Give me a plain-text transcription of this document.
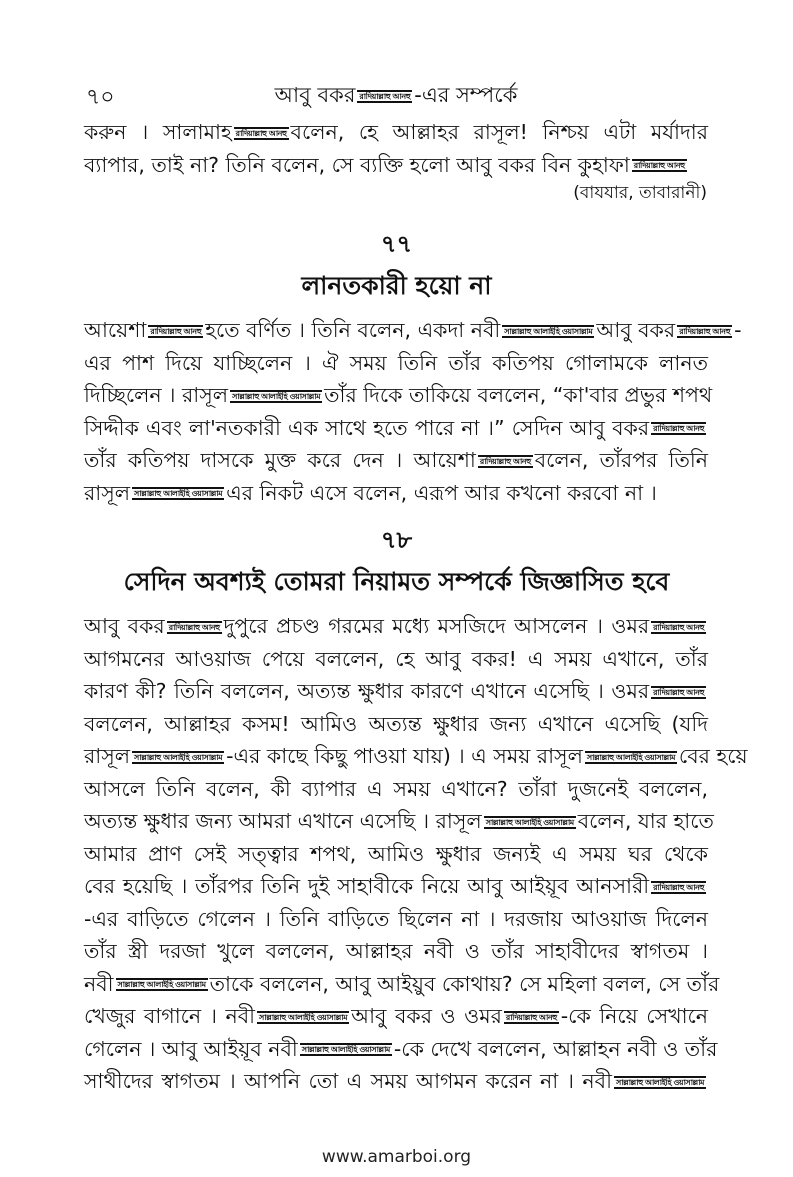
৭০	আবু বকর রাদিয়াল্লাহু আনহু -এর সম্পর্কে
করুন । সালামাহ রাদিয়াল্লাহু আনহু বলেন, হে আল্লাহর রাসূল! নিশ্চয় এটা মর্যাদার
ব্যাপার, তাই না? তিনি বলেন, সে ব্যক্তি হলো আবু বকর বিন কুহাফা রাদিয়াল্লাহু আনহু
(বাযযার, তাবারানী)
৭৭
লানতকারী হয়ো না
আয়েশা রাদিয়াল্লাহু আনহু হতে বর্ণিত । তিনি বলেন, একদা নবী সাল্লাল্লাহু আলাইহি ওয়াসাল্লাম আবু বকর রাদিয়াল্লাহু আনহু -
এর পাশ দিয়ে যাচ্ছিলেন । ঐ সময় তিনি তাঁর কতিপয় গোলামকে লানত
দিচ্ছিলেন । রাসূল সাল্লাল্লাহু আলাইহি ওয়াসাল্লাম তাঁর দিকে তাকিয়ে বললেন, “কা'বার প্রভুর শপথ
সিদ্দীক এবং লা'নতকারী এক সাথে হতে পারে না ।” সেদিন আবু বকর রাদিয়াল্লাহু আনহু
তাঁর কতিপয় দাসকে মুক্ত করে দেন । আয়েশা রাদিয়াল্লাহু আনহু বলেন, তাঁরপর তিনি
রাসূল সাল্লাল্লাহু আলাইহি ওয়াসাল্লাম এর নিকট এসে বলেন, এরূপ আর কখনো করবো না ।
৭৮
সেদিন অবশ্যই তোমরা নিয়ামত সম্পর্কে জিজ্ঞাসিত হবে
আবু বকর রাদিয়াল্লাহু আনহু দুপুরে প্রচণ্ড গরমের মধ্যে মসজিদে আসলেন । ওমর রাদিয়াল্লাহু আনহু
আগমনের আওয়াজ পেয়ে বললেন, হে আবু বকর! এ সময় এখানে, তাঁর
কারণ কী? তিনি বললেন, অত্যন্ত ক্ষুধার কারণে এখানে এসেছি । ওমর রাদিয়াল্লাহু আনহু
বললেন, আল্লাহর কসম! আমিও অত্যন্ত ক্ষুধার জন্য এখানে এসেছি (যদি
রাসূল সাল্লাল্লাহু আলাইহি ওয়াসাল্লাম -এর কাছে কিছু পাওয়া যায়) । এ সময় রাসূল সাল্লাল্লাহু আলাইহি ওয়াসাল্লাম বের হয়ে
আসলে তিনি বলেন, কী ব্যাপার এ সময় এখানে? তাঁরা দুজনেই বললেন,
অত্যন্ত ক্ষুধার জন্য আমরা এখানে এসেছি । রাসূল সাল্লাল্লাহু আলাইহি ওয়াসাল্লাম বলেন, যার হাতে
আমার প্রাণ সেই সত্ত্বার শপথ, আমিও ক্ষুধার জন্যই এ সময় ঘর থেকে
বের হয়েছি । তাঁরপর তিনি দুই সাহাবীকে নিয়ে আবু আইয়ূব আনসারী রাদিয়াল্লাহু আনহু
-এর বাড়িতে গেলেন । তিনি বাড়িতে ছিলেন না । দরজায় আওয়াজ দিলেন
তাঁর স্ত্রী দরজা খুলে বললেন, আল্লাহর নবী ও তাঁর সাহাবীদের স্বাগতম ।
নবী সাল্লাল্লাহু আলাইহি ওয়াসাল্লাম তাকে বললেন, আবু আইয়ুব কোথায়? সে মহিলা বলল, সে তাঁর
খেজুর বাগানে । নবী সাল্লাল্লাহু আলাইহি ওয়াসাল্লাম আবু বকর ও ওমর রাদিয়াল্লাহু আনহু -কে নিয়ে সেখানে
গেলেন । আবু আইয়ূব নবী সাল্লাল্লাহু আলাইহি ওয়াসাল্লাম -কে দেখে বললেন, আল্লাহন নবী ও তাঁর
সাথীদের স্বাগতম । আপনি তো এ সময় আগমন করেন না । নবী সাল্লাল্লাহু আলাইহি ওয়াসাল্লাম
www.amarboi.org
